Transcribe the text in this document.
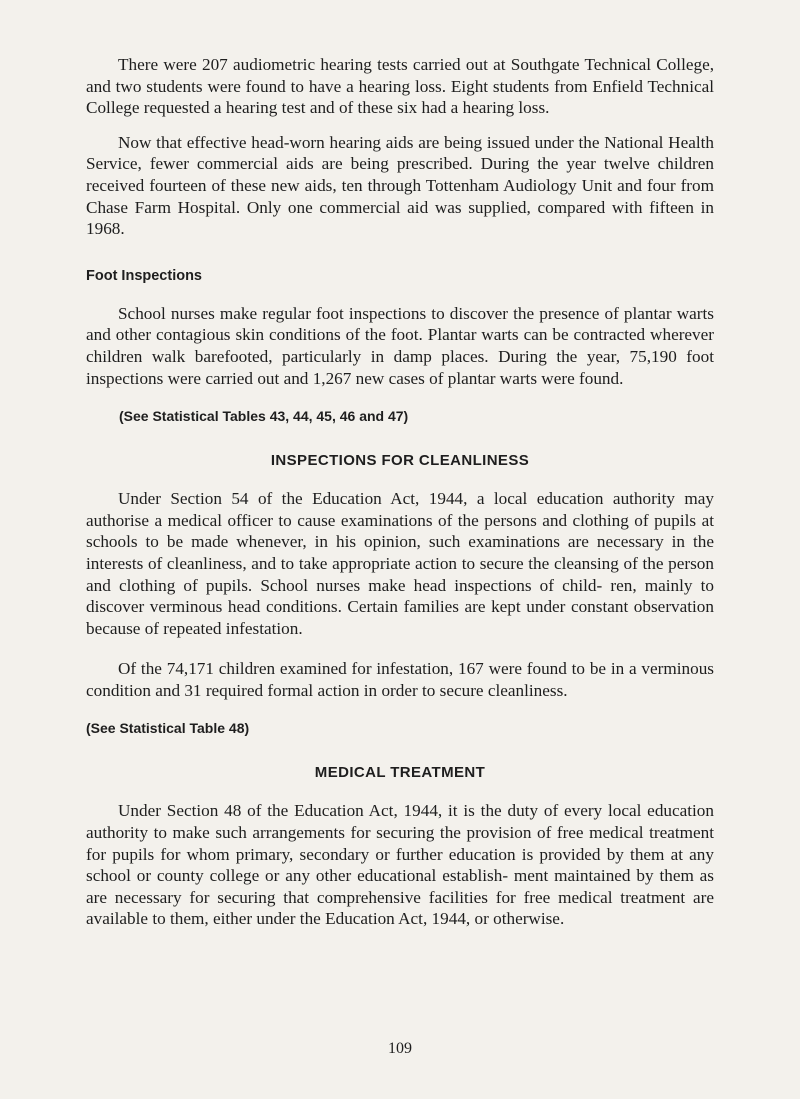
There were 207 audiometric hearing tests carried out at Southgate Technical College, and two students were found to have a hearing loss. Eight students from Enfield Technical College requested a hearing test and of these six had a hearing loss.

Now that effective head-worn hearing aids are being issued under the National Health Service, fewer commercial aids are being prescribed. During the year twelve children received fourteen of these new aids, ten through Tottenham Audiology Unit and four from Chase Farm Hospital. Only one commercial aid was supplied, compared with fifteen in 1968.

Foot Inspections

School nurses make regular foot inspections to discover the presence of plantar warts and other contagious skin conditions of the foot. Plantar warts can be contracted wherever children walk barefooted, particularly in damp places. During the year, 75,190 foot inspections were carried out and 1,267 new cases of plantar warts were found.

(See Statistical Tables 43, 44, 45, 46 and 47)

INSPECTIONS FOR CLEANLINESS

Under Section 54 of the Education Act, 1944, a local education authority may authorise a medical officer to cause examinations of the persons and clothing of pupils at schools to be made whenever, in his opinion, such examinations are necessary in the interests of cleanliness, and to take appropriate action to secure the cleansing of the person and clothing of pupils. School nurses make head inspections of child- ren, mainly to discover verminous head conditions. Certain families are kept under constant observation because of repeated infestation.

Of the 74,171 children examined for infestation, 167 were found to be in a verminous condition and 31 required formal action in order to secure cleanliness.

(See Statistical Table 48)

MEDICAL TREATMENT

Under Section 48 of the Education Act, 1944, it is the duty of every local education authority to make such arrangements for securing the provision of free medical treatment for pupils for whom primary, secondary or further education is provided by them at any school or county college or any other educational establish- ment maintained by them as are necessary for securing that comprehensive facilities for free medical treatment are available to them, either under the Education Act, 1944, or otherwise.

109
